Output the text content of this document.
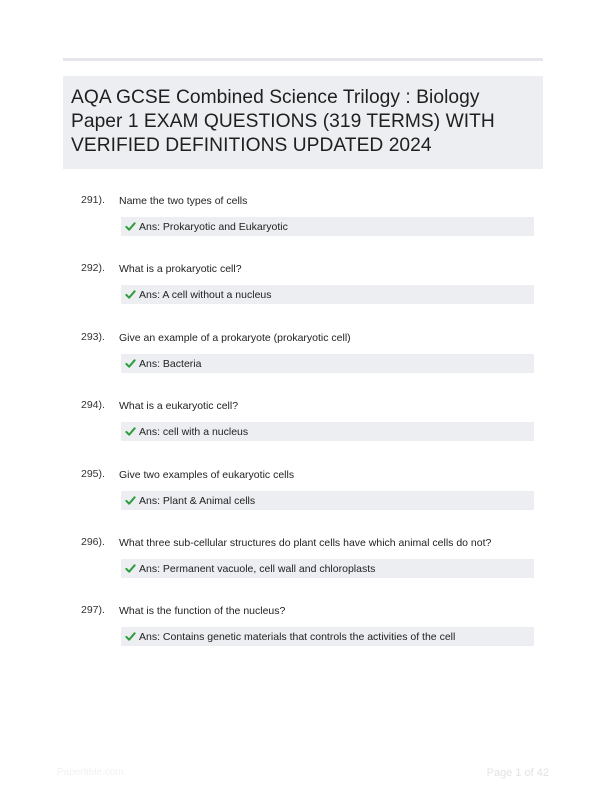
AQA GCSE Combined Science Trilogy : Biology Paper 1 EXAM QUESTIONS (319 TERMS) WITH VERIFIED DEFINITIONS UPDATED 2024
291). Name the two types of cells
Ans: Prokaryotic and Eukaryotic
292). What is a prokaryotic cell?
Ans: A cell without a nucleus
293). Give an example of a prokaryote (prokaryotic cell)
Ans: Bacteria
294). What is a eukaryotic cell?
Ans: cell with a nucleus
295). Give two examples of eukaryotic cells
Ans: Plant & Animal cells
296). What three sub-cellular structures do plant cells have which animal cells do not?
Ans: Permanent vacuole, cell wall and chloroplasts
297). What is the function of the nucleus?
Ans: Contains genetic materials that controls the activities of the cell
Papertible.com	Page 1 of 42
